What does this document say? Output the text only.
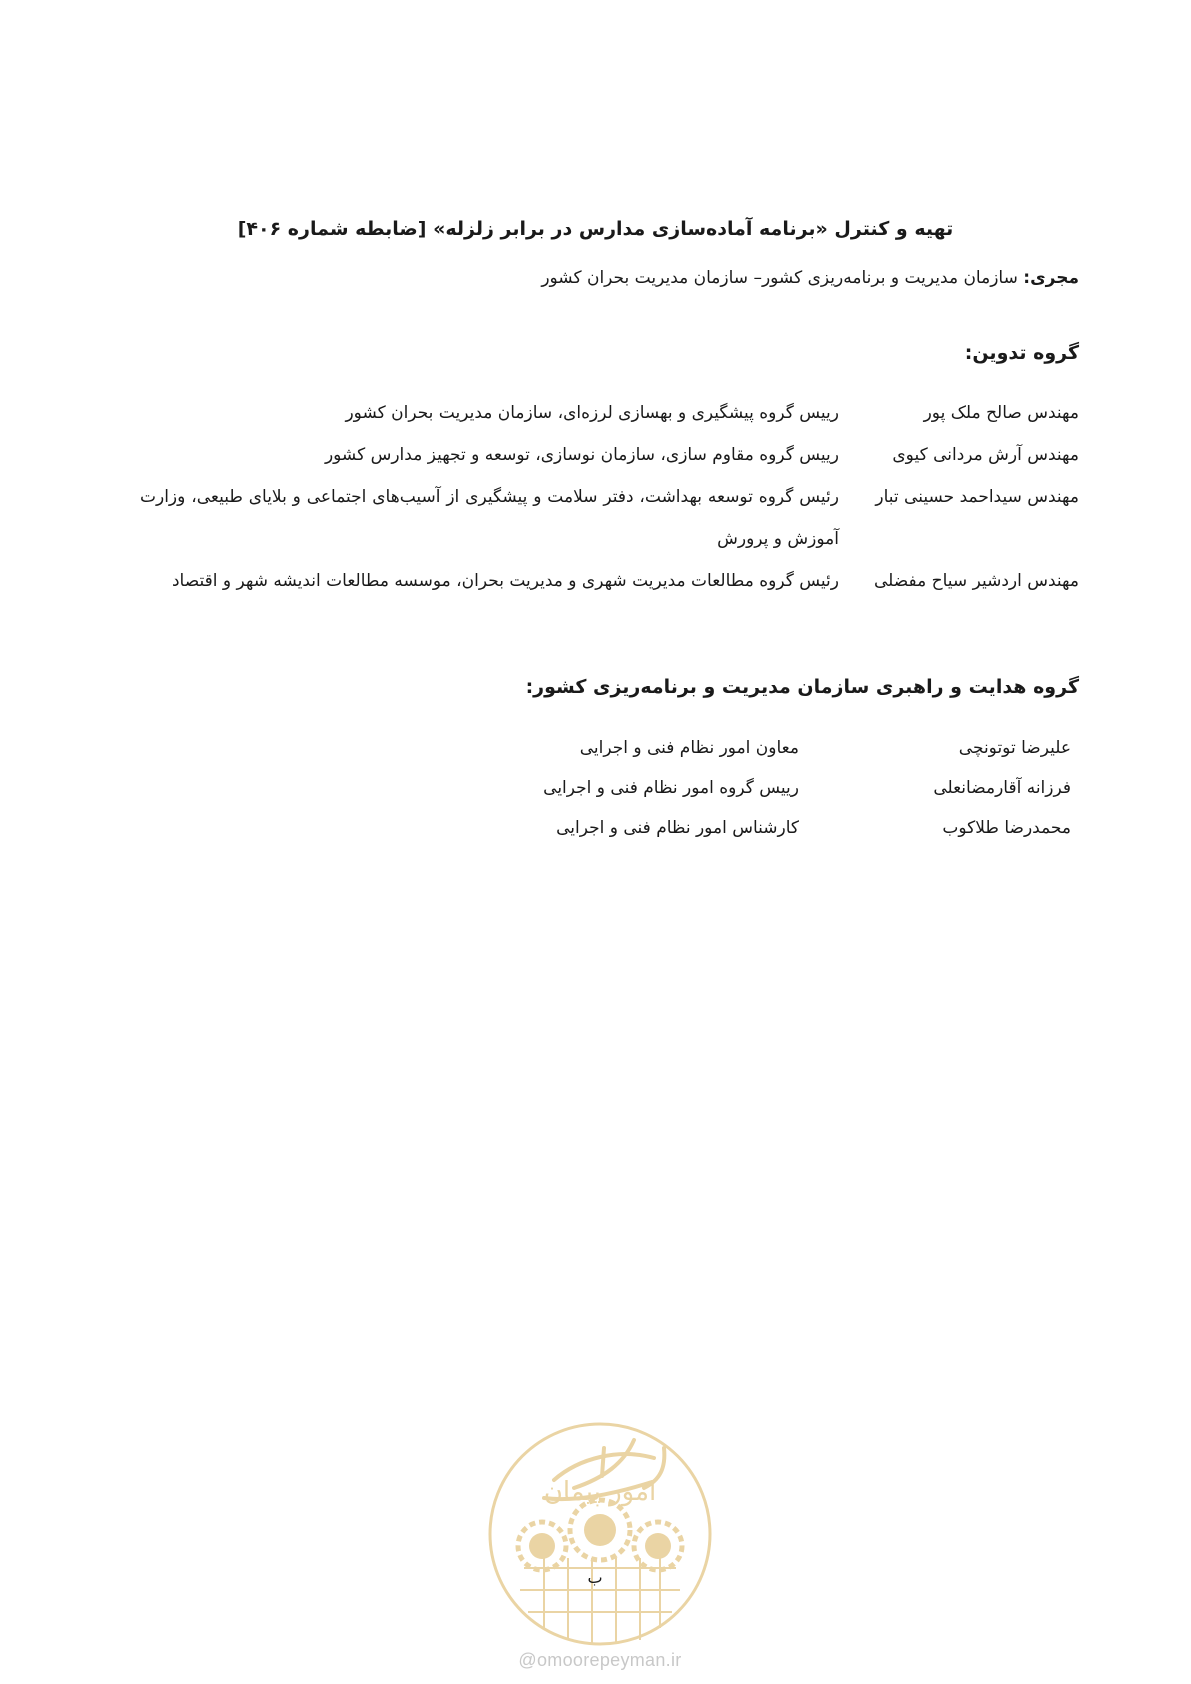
تهیه و کنترل «برنامه آماده‌سازی مدارس در برابر زلزله» [ضابطه شماره ۴۰۶]
مجری: سازمان مدیریت و برنامه‌ریزی کشور– سازمان مدیریت بحران کشور
گروه تدوین:
مهندس صالح ملک پور
رییس گروه پیشگیری و بهسازی لرزه‌ای، سازمان مدیریت بحران کشور
مهندس آرش مردانی کیوی
رییس گروه مقاوم سازی، سازمان نوسازی، توسعه و تجهیز مدارس کشور
مهندس سیداحمد حسینی تبار
رئیس گروه توسعه بهداشت، دفتر سلامت و پیشگیری از آسیب‌های اجتماعی و بلایای طبیعی، وزارت آموزش و پرورش
مهندس اردشیر سیاح مفضلی
رئیس گروه مطالعات مدیریت شهری و مدیریت بحران، موسسه مطالعات اندیشه شهر و اقتصاد
گروه هدایت و راهبری سازمان مدیریت و برنامه‌ریزی کشور:
علیرضا توتونچی
معاون امور نظام فنی و اجرایی
فرزانه آقارمضانعلی
رییس گروه امور نظام فنی و اجرایی
محمدرضا طلاکوب
کارشناس امور نظام فنی و اجرایی
امور پیمان
ب
@omoorepeyman.ir
